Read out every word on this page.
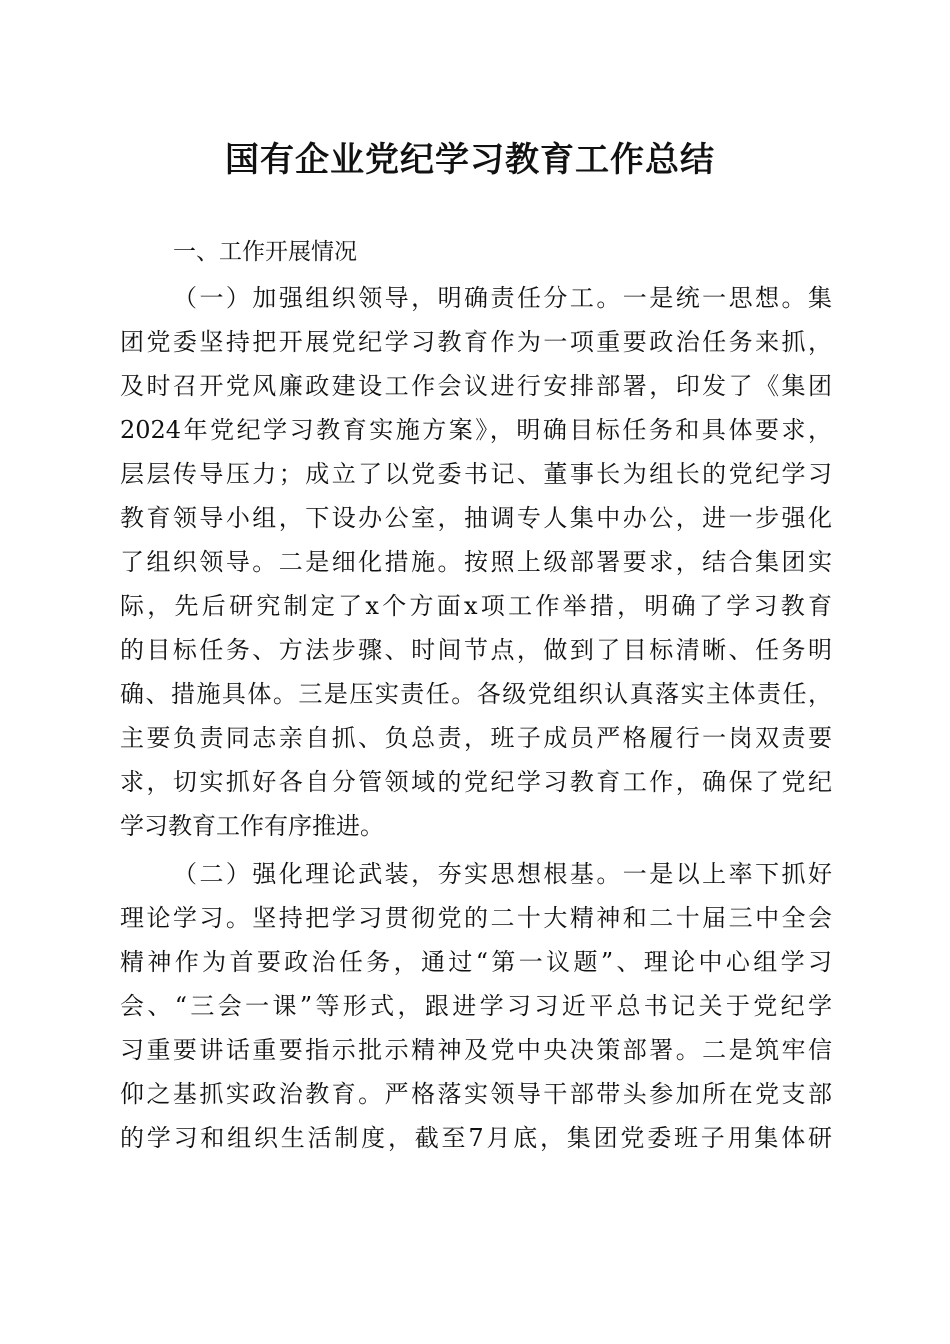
国有企业党纪学习教育工作总结
一、工作开展情况
（一）加强组织领导，明确责任分工。一是统一思想。集
团党委坚持把开展党纪学习教育作为一项重要政治任务来抓，
及时召开党风廉政建设工作会议进行安排部署，印发了《集团
2024年党纪学习教育实施方案》，明确目标任务和具体要求，
层层传导压力；成立了以党委书记、董事长为组长的党纪学习
教育领导小组，下设办公室，抽调专人集中办公，进一步强化
了组织领导。二是细化措施。按照上级部署要求，结合集团实
际，先后研究制定了x个方面x项工作举措，明确了学习教育
的目标任务、方法步骤、时间节点，做到了目标清晰、任务明
确、措施具体。三是压实责任。各级党组织认真落实主体责任，
主要负责同志亲自抓、负总责，班子成员严格履行一岗双责要
求，切实抓好各自分管领域的党纪学习教育工作，确保了党纪
学习教育工作有序推进。
（二）强化理论武装，夯实思想根基。一是以上率下抓好
理论学习。坚持把学习贯彻党的二十大精神和二十届三中全会
精神作为首要政治任务，通过“第一议题”、理论中心组学习
会、“三会一课”等形式，跟进学习习近平总书记关于党纪学
习重要讲话重要指示批示精神及党中央决策部署。二是筑牢信
仰之基抓实政治教育。严格落实领导干部带头参加所在党支部
的学习和组织生活制度，截至7月底，集团党委班子用集体研
